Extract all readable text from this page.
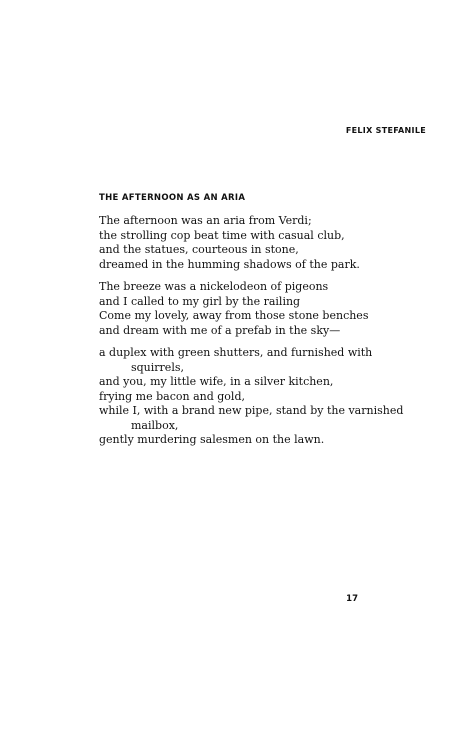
FELIX STEFANILE
THE AFTERNOON AS AN ARIA
The afternoon was an aria from Verdi;
the strolling cop beat time with casual club,
and the statues, courteous in stone,
dreamed in the humming shadows of the park.
The breeze was a nickelodeon of pigeons
and I called to my girl by the railing
Come my lovely, away from those stone benches
and dream with me of a prefab in the sky—
a duplex with green shutters, and furnished with
squirrels,
and you, my little wife, in a silver kitchen,
frying me bacon and gold,
while I, with a brand new pipe, stand by the varnished
mailbox,
gently murdering salesmen on the lawn.
17
